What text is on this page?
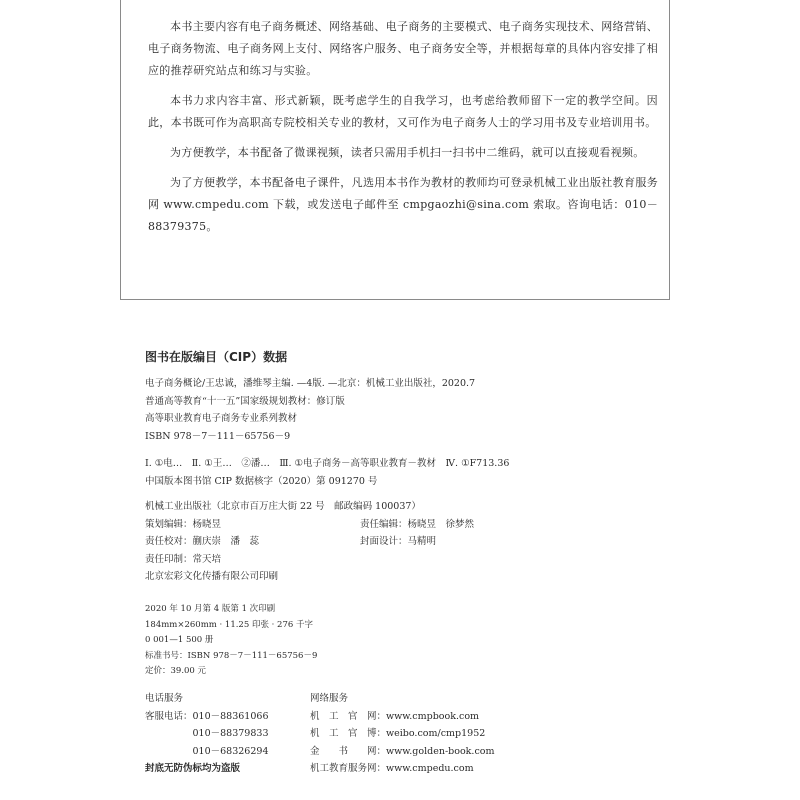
本书主要内容有电子商务概述、网络基础、电子商务的主要模式、电子商务实现技术、网络营销、电子商务物流、电子商务网上支付、网络客户服务、电子商务安全等，并根据每章的具体内容安排了相应的推荐研究站点和练习与实验。

本书力求内容丰富、形式新颖，既考虑学生的自我学习，也考虑给教师留下一定的教学空间。因此，本书既可作为高职高专院校相关专业的教材，又可作为电子商务人士的学习用书及专业培训用书。

为方便教学，本书配备了微课视频，读者只需用手机扫一扫书中二维码，就可以直接观看视频。

为了方便教学，本书配备电子课件，凡选用本书作为教材的教师均可登录机械工业出版社教育服务网 www.cmpedu.com 下载，或发送电子邮件至 cmpgaozhi@sina.com 索取。咨询电话：010－88379375。

图书在版编目（CIP）数据
电子商务概论/王忠诚，潘维琴主编. —4版. —北京：机械工业出版社，2020.7
普通高等教育“十一五”国家级规划教材：修订版
高等职业教育电子商务专业系列教材
ISBN 978－7－111－65756－9
Ⅰ. ①电…　Ⅱ. ①王…　②潘…　Ⅲ. ①电子商务－高等职业教育－教材　Ⅳ. ①F713.36
中国版本图书馆 CIP 数据核字（2020）第 091270 号
机械工业出版社（北京市百万庄大街 22 号　邮政编码 100037）
策划编辑：杨晓昱	责任编辑：杨晓昱　徐梦然
责任校对：蒯庆崇　潘　蕊	封面设计：马精明
责任印制：常天培
北京宏彩文化传播有限公司印刷
2020 年 10 月第 4 版第 1 次印刷
184mm×260mm · 11.25 印张 · 276 千字
0 001—1 500 册
标准书号：ISBN 978－7－111－65756－9
定价：39.00 元
电话服务	网络服务
客服电话：010－88361066	机　工　官　网：www.cmpbook.com
　　　　　010－88379833	机　工　官　博：weibo.com/cmp1952
　　　　　010－68326294	金　　书　　网：www.golden-book.com
封底无防伪标均为盗版	机工教育服务网：www.cmpedu.com
